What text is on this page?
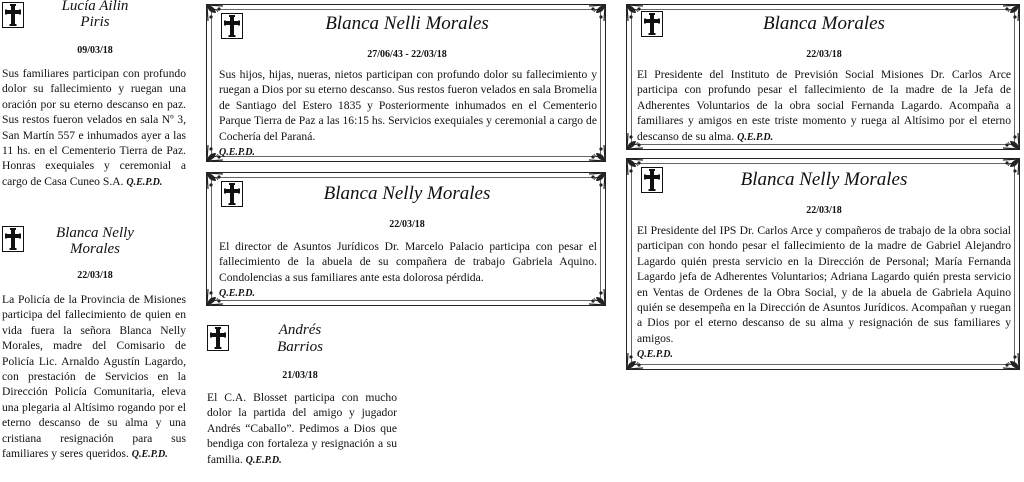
Lucía Ailin
Piris
09/03/18

Sus familiares participan con profundo dolor su fallecimiento y ruegan una oración por su eterno descanso en paz. Sus restos fueron velados en sala Nº 3, San Martín 557 e inhumados ayer a las 11 hs. en el Cementerio Tierra de Paz. Honras exequiales y ceremonial a cargo de Casa Cuneo S.A. Q.E.P.D.

Blanca Nelly
Morales
22/03/18

La Policía de la Provincia de Misiones participa del fallecimiento de quien en vida fuera la señora Blanca Nelly Morales, madre del Comisario de Policía Lic. Arnaldo Agustín Lagardo, con prestación de Servicios en la Dirección Policía Comunitaria, eleva una plegaria al Altísimo rogando por el eterno descanso de su alma y una cristiana resignación para sus familiares y seres queridos. Q.E.P.D.

Blanca Nelli Morales
27/06/43 - 22/03/18

Sus hijos, hijas, nueras, nietos participan con profundo dolor su fallecimiento y ruegan a Dios por su eterno descanso. Sus restos fueron velados en sala Bromelia de Santiago del Estero 1835 y Posteriormente inhumados en el Cementerio Parque Tierra de Paz a las 16:15 hs. Servicios exequiales y ceremonial a cargo de Cochería del Paraná.
Q.E.P.D.

Blanca Nelly Morales
22/03/18

El director de Asuntos Jurídicos Dr. Marcelo Palacio participa con pesar el fallecimiento de la abuela de su compañera de trabajo Gabriela Aquino. Condolencias a sus familiares ante esta dolorosa pérdida.
Q.E.P.D.

Andrés
Barrios
21/03/18

El C.A. Blosset participa con mucho dolor la partida del amigo y jugador Andrés “Caballo”. Pedimos a Dios que bendiga con fortaleza y resignación a su familia. Q.E.P.D.

Blanca Morales
22/03/18

El Presidente del Instituto de Previsión Social Misiones Dr. Carlos Arce participa con profundo pesar el fallecimiento de la madre de la Jefa de Adherentes Voluntarios de la obra social Fernanda Lagardo. Acompaña a familiares y amigos en este triste momento y ruega al Altísimo por el eterno descanso de su alma. Q.E.P.D.

Blanca Nelly Morales
22/03/18

El Presidente del IPS Dr. Carlos Arce y compañeros de trabajo de la obra social participan con hondo pesar el fallecimiento de la madre de Gabriel Alejandro Lagardo quién presta servicio en la Dirección de Personal; María Fernanda Lagardo jefa de Adherentes Voluntarios; Adriana Lagardo quién presta servicio en Ventas de Ordenes de la Obra Social, y de la abuela de Gabriela Aquino quién se desempeña en la Dirección de Asuntos Jurídicos. Acompañan y ruegan a Dios por el eterno descanso de su alma y resignación de sus familiares y amigos.
Q.E.P.D.
